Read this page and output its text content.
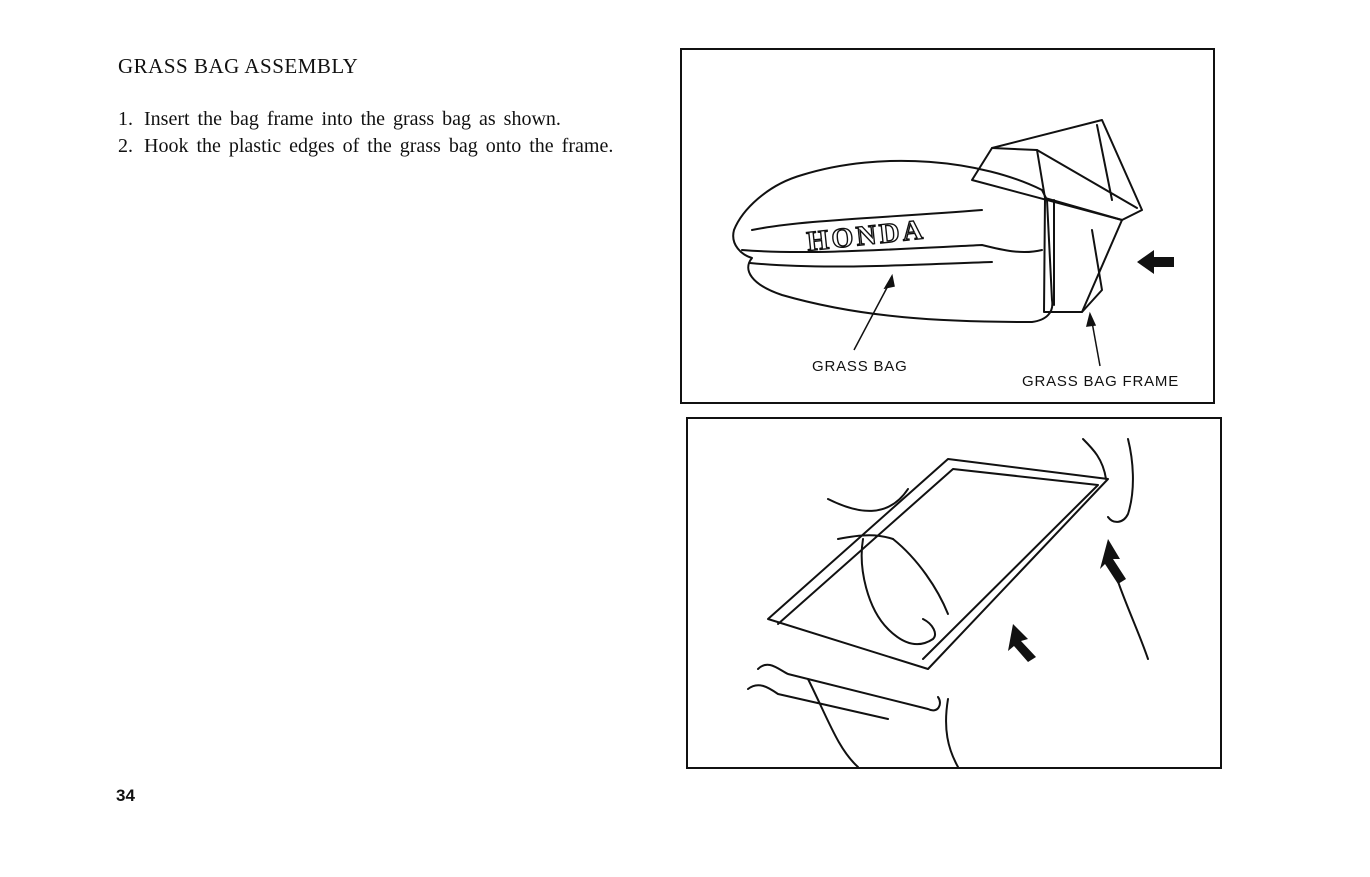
GRASS BAG ASSEMBLY
1. Insert the bag frame into the grass bag as shown.
2. Hook the plastic edges of the grass bag onto the frame.
HONDA
GRASS BAG
GRASS BAG FRAME
34
